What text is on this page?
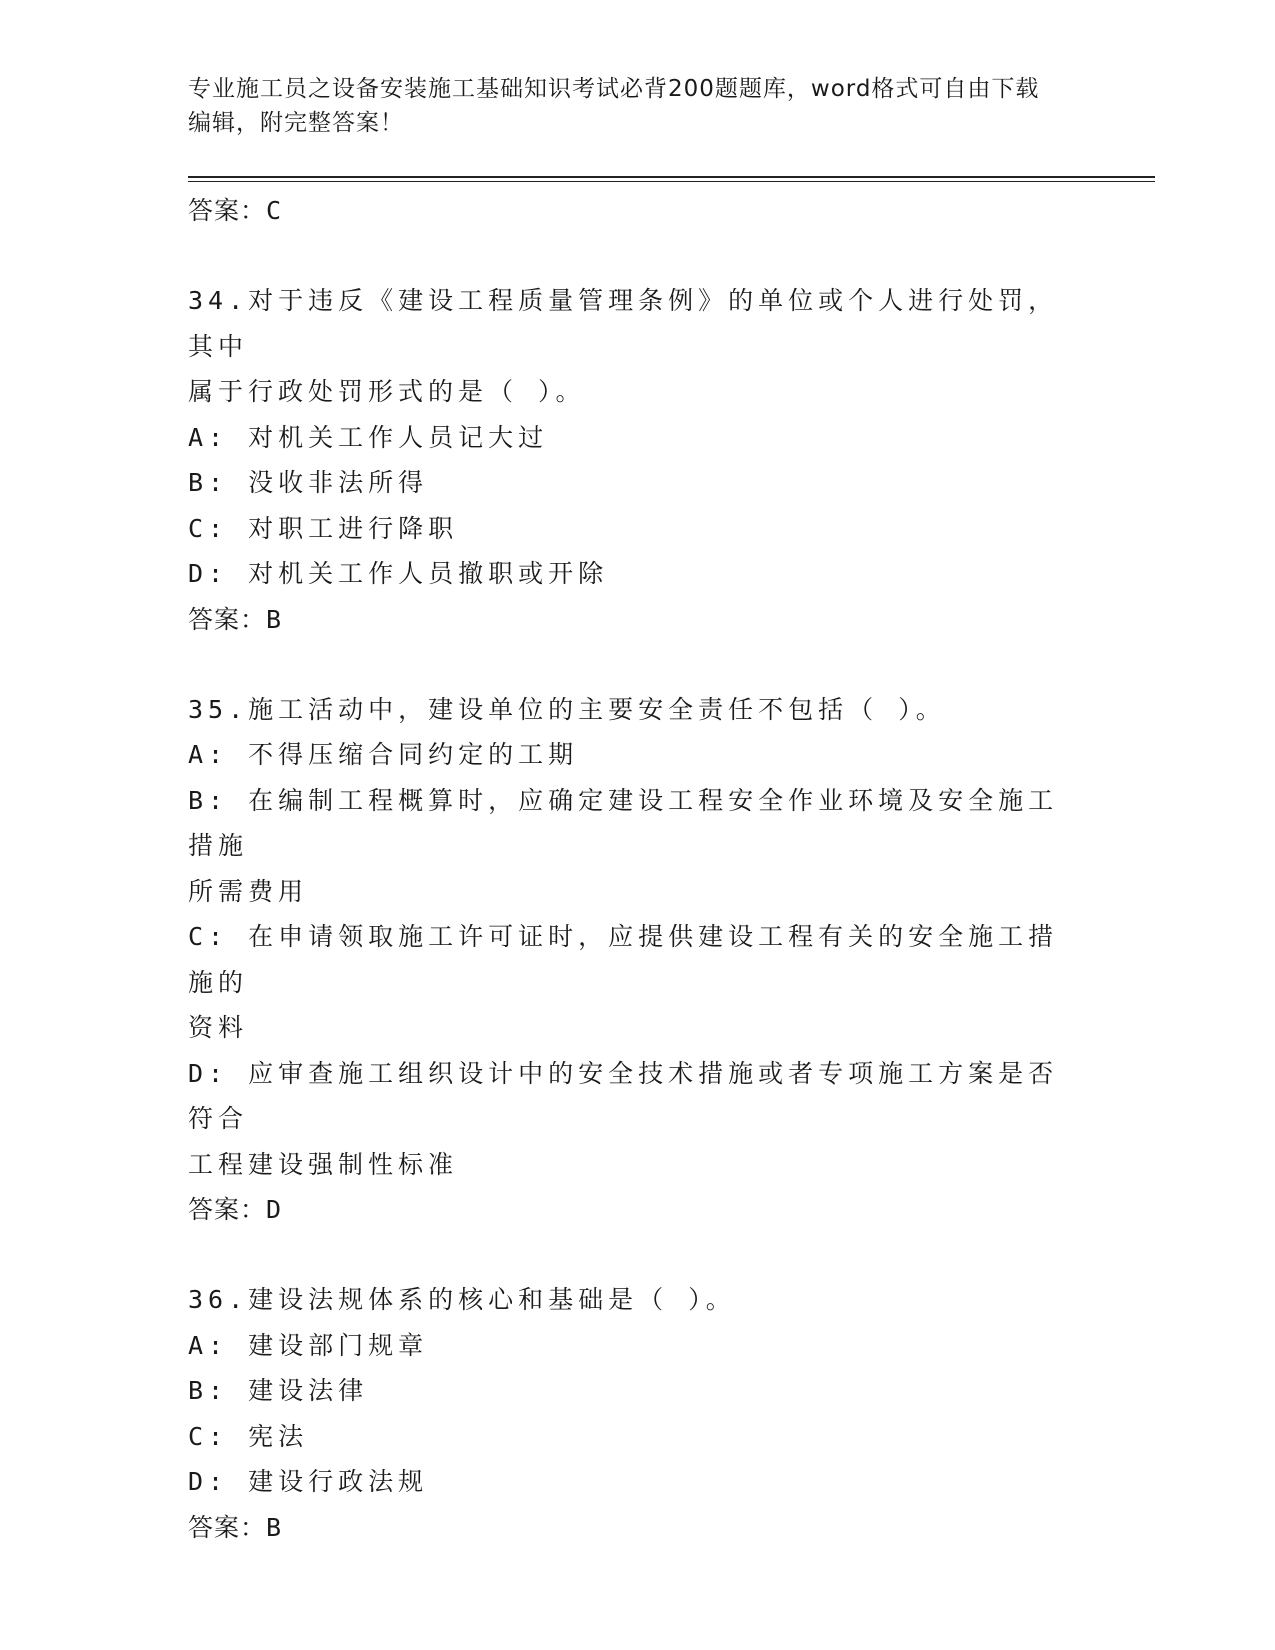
专业施工员之设备安装施工基础知识考试必背200题题库，word格式可自由下载
编辑，附完整答案！
答案：C

34.对于违反《建设工程质量管理条例》的单位或个人进行处罚，其中

属于行政处罚形式的是（ ）。

A: 对机关工作人员记大过

B: 没收非法所得

C: 对职工进行降职

D: 对机关工作人员撤职或开除

答案：B

35.施工活动中，建设单位的主要安全责任不包括（ ）。

A: 不得压缩合同约定的工期

B: 在编制工程概算时，应确定建设工程安全作业环境及安全施工措施

所需费用

C: 在申请领取施工许可证时，应提供建设工程有关的安全施工措施的

资料

D: 应审查施工组织设计中的安全技术措施或者专项施工方案是否符合

工程建设强制性标准

答案：D

36.建设法规体系的核心和基础是（ ）。

A: 建设部门规章

B: 建设法律

C: 宪法

D: 建设行政法规

答案：B
